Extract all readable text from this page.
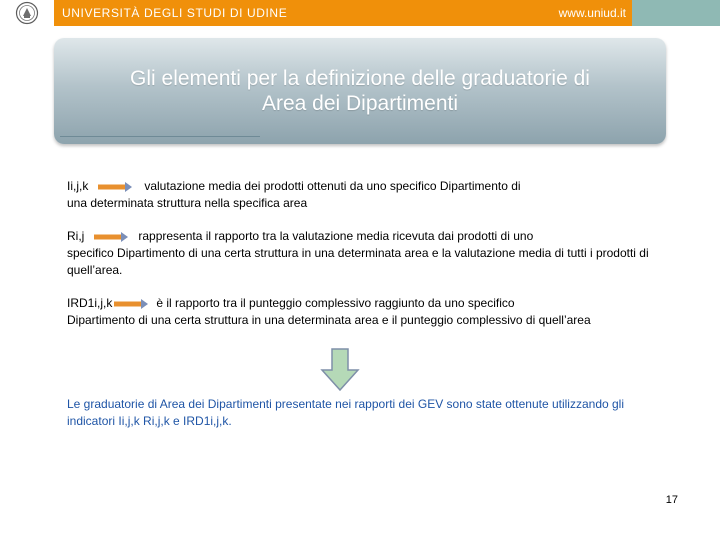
UNIVERSITÀ DEGLI STUDI DI UDINE	www.uniud.it
Gli elementi per la definizione delle graduatorie di
Area dei Dipartimenti
Ii,j,k	valutazione media dei prodotti ottenuti da uno specifico Dipartimento di
una determinata struttura nella specifica area
Ri,j	rappresenta il rapporto tra la valutazione media ricevuta dai prodotti di uno
specifico Dipartimento di una certa struttura in una determinata area e la valutazione media di tutti i prodotti di quell’area.
IRD1i,j,k	è il rapporto tra il punteggio complessivo raggiunto da uno specifico
Dipartimento di una certa struttura in una determinata area e il punteggio complessivo di quell’area
Le graduatorie di Area dei Dipartimenti presentate nei rapporti dei GEV sono state ottenute utilizzando gli indicatori Ii,j,k Ri,j,k e IRD1i,j,k.
17
